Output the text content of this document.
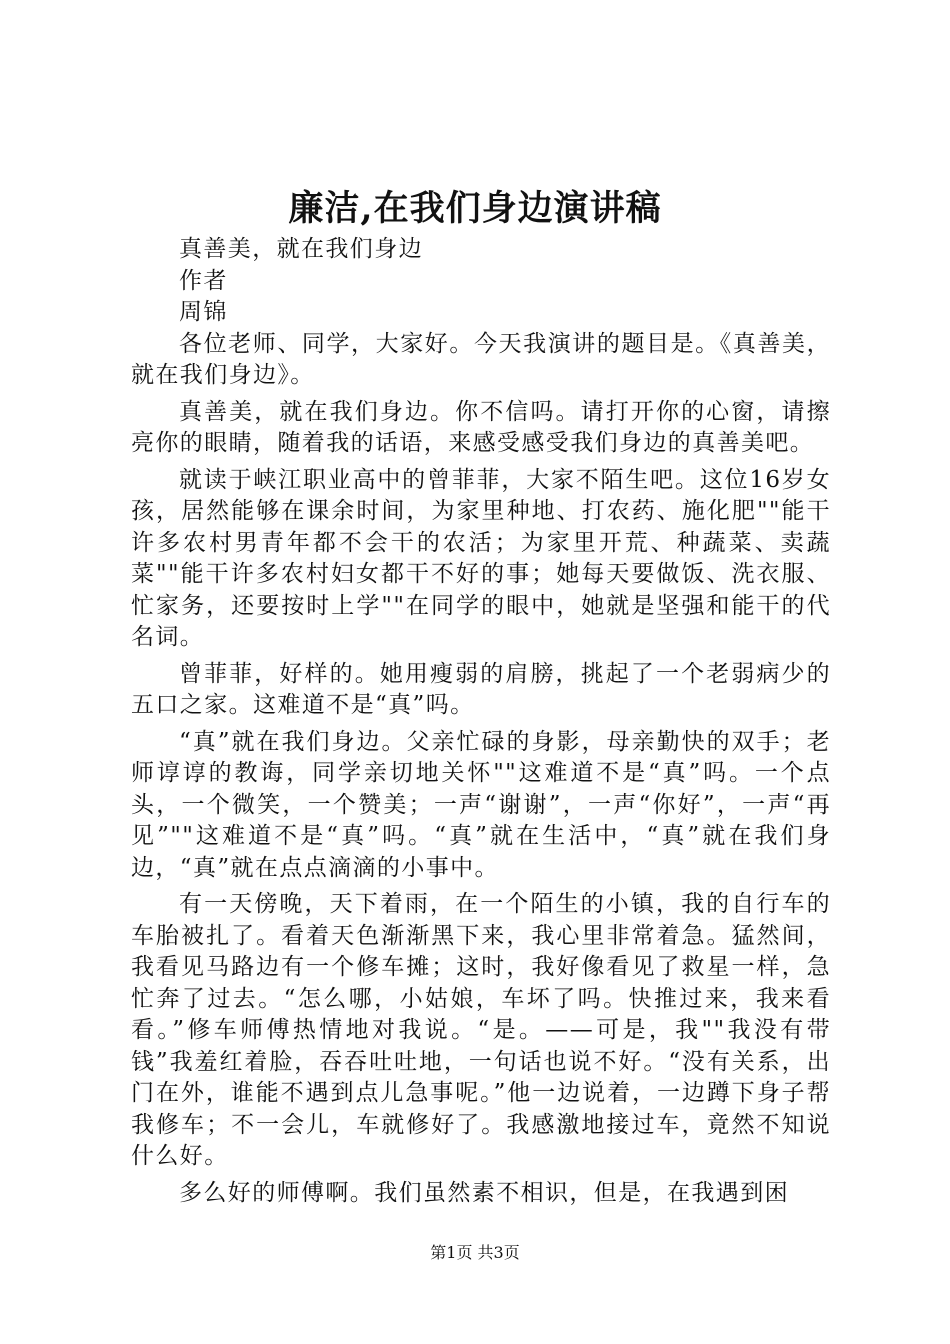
廉洁,在我们身边演讲稿

真善美，就在我们身边

作者

周锦

各位老师、同学，大家好。今天我演讲的题目是。《真善美，就在我们身边》。

真善美，就在我们身边。你不信吗。请打开你的心窗，请擦亮你的眼睛，随着我的话语，来感受感受我们身边的真善美吧。

就读于峡江职业高中的曾菲菲，大家不陌生吧。这位16岁女孩，居然能够在课余时间，为家里种地、打农药、施化肥""能干许多农村男青年都不会干的农活；为家里开荒、种蔬菜、卖蔬菜""能干许多农村妇女都干不好的事；她每天要做饭、洗衣服、忙家务，还要按时上学""在同学的眼中，她就是坚强和能干的代名词。

曾菲菲，好样的。她用瘦弱的肩膀，挑起了一个老弱病少的五口之家。这难道不是“真”吗。

“真”就在我们身边。父亲忙碌的身影，母亲勤快的双手；老师谆谆的教诲，同学亲切地关怀""这难道不是“真”吗。一个点头，一个微笑，一个赞美；一声“谢谢”，一声“你好”，一声“再见”""这难道不是“真”吗。“真”就在生活中，“真”就在我们身边，“真”就在点点滴滴的小事中。

有一天傍晚，天下着雨，在一个陌生的小镇，我的自行车的车胎被扎了。看着天色渐渐黑下来，我心里非常着急。猛然间，我看见马路边有一个修车摊；这时，我好像看见了救星一样，急忙奔了过去。“怎么哪，小姑娘，车坏了吗。快推过来，我来看看。”修车师傅热情地对我说。“是。——可是，我""我没有带钱”我羞红着脸，吞吞吐吐地，一句话也说不好。“没有关系，出门在外，谁能不遇到点儿急事呢。”他一边说着，一边蹲下身子帮我修车；不一会儿，车就修好了。我感激地接过车，竟然不知说什么好。

多么好的师傅啊。我们虽然素不相识，但是，在我遇到困

第1页 共3页
